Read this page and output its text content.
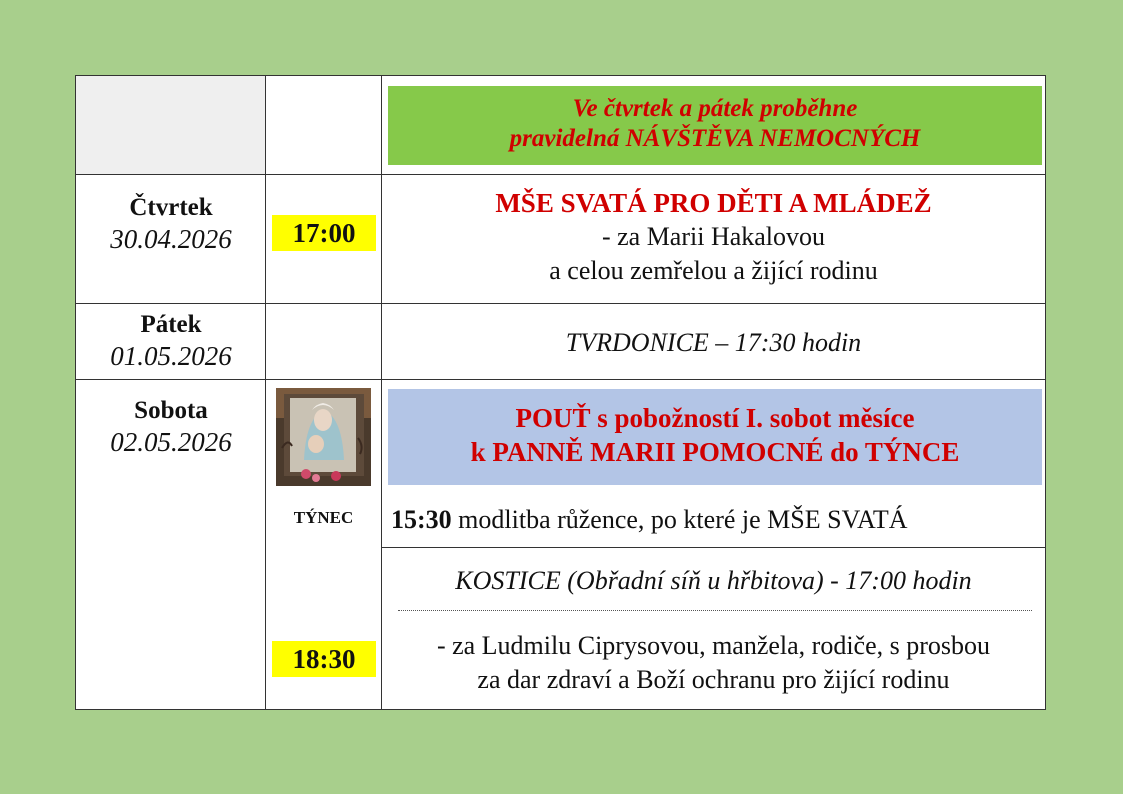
Ve čtvrtek a pátek proběhne
pravidelná NÁVŠTĚVA NEMOCNÝCH
Čtvrtek
30.04.2026	17:00
MŠE SVATÁ PRO DĚTI A MLÁDEŽ
- za Marii Hakalovou
a celou zemřelou a žijící rodinu
Pátek
01.05.2026	TVRDONICE – 17:30 hodin
Sobota
02.05.2026
TÝNEC
18:30
POUŤ s pobožností I. sobot měsíce
k PANNĚ MARII POMOCNÉ do TÝNCE
15:30 modlitba růžence, po které je MŠE SVATÁ
KOSTICE (Obřadní síň u hřbitova) - 17:00 hodin
- za Ludmilu Ciprysovou, manžela, rodiče, s prosbou
za dar zdraví a Boží ochranu pro žijící rodinu
